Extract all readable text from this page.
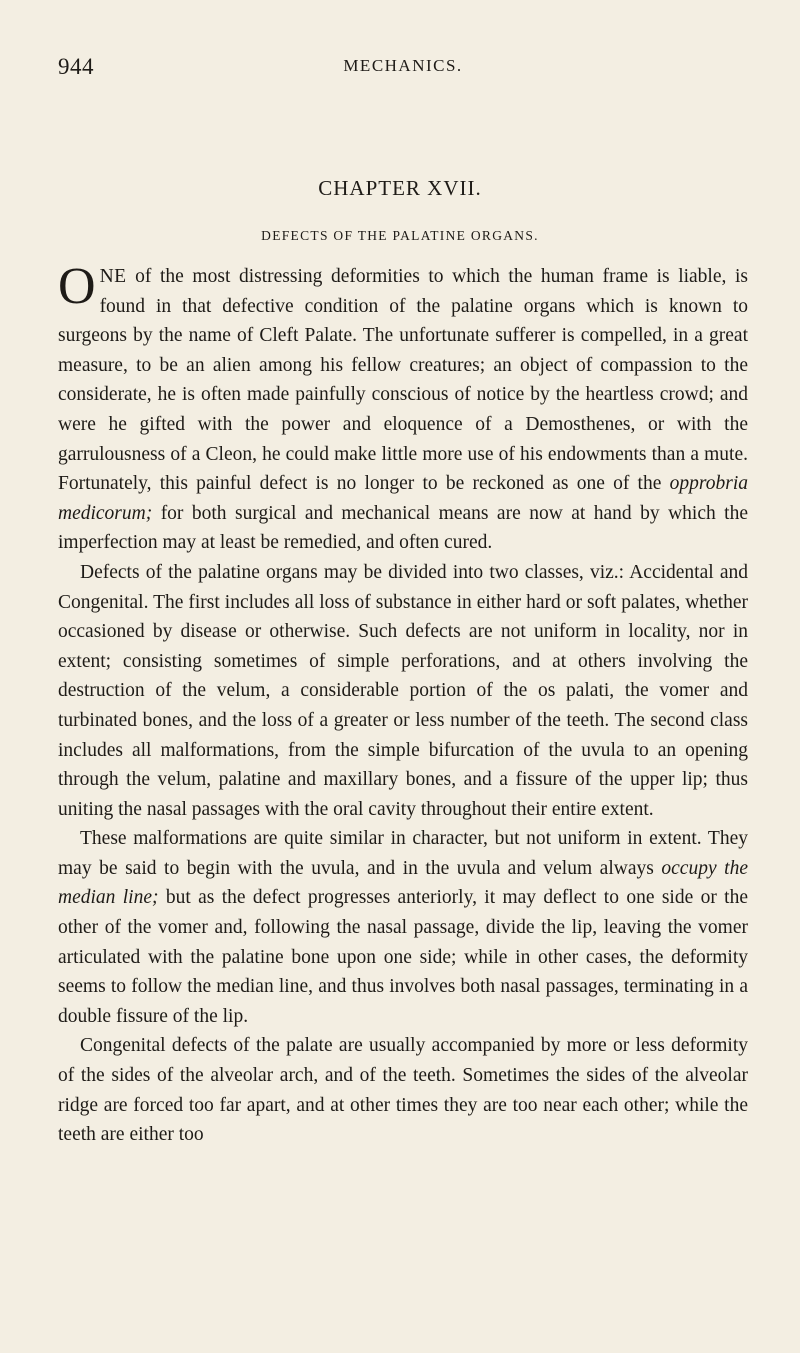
944	MECHANICS.
CHAPTER XVII.
DEFECTS OF THE PALATINE ORGANS.

ONE of the most distressing deformities to which the human frame is liable, is found in that defective condition of the palatine organs which is known to surgeons by the name of Cleft Palate. The unfortunate sufferer is compelled, in a great measure, to be an alien among his fellow creatures; an object of compassion to the considerate, he is often made painfully conscious of notice by the heartless crowd; and were he gifted with the power and eloquence of a Demosthenes, or with the garrulousness of a Cleon, he could make little more use of his endowments than a mute. Fortunately, this painful defect is no longer to be reckoned as one of the opprobria medicorum; for both surgical and mechanical means are now at hand by which the imperfection may at least be remedied, and often cured.

Defects of the palatine organs may be divided into two classes, viz.: Accidental and Congenital. The first includes all loss of substance in either hard or soft palates, whether occasioned by disease or otherwise. Such defects are not uniform in locality, nor in extent; consisting sometimes of simple perforations, and at others involving the destruction of the velum, a considerable portion of the os palati, the vomer and turbinated bones, and the loss of a greater or less number of the teeth. The second class includes all malformations, from the simple bifurcation of the uvula to an opening through the velum, palatine and maxillary bones, and a fissure of the upper lip; thus uniting the nasal passages with the oral cavity throughout their entire extent.

These malformations are quite similar in character, but not uniform in extent. They may be said to begin with the uvula, and in the uvula and velum always occupy the median line; but as the defect progresses anteriorly, it may deflect to one side or the other of the vomer and, following the nasal passage, divide the lip, leaving the vomer articulated with the palatine bone upon one side; while in other cases, the deformity seems to follow the median line, and thus involves both nasal passages, terminating in a double fissure of the lip.

Congenital defects of the palate are usually accompanied by more or less deformity of the sides of the alveolar arch, and of the teeth. Sometimes the sides of the alveolar ridge are forced too far apart, and at other times they are too near each other; while the teeth are either too
